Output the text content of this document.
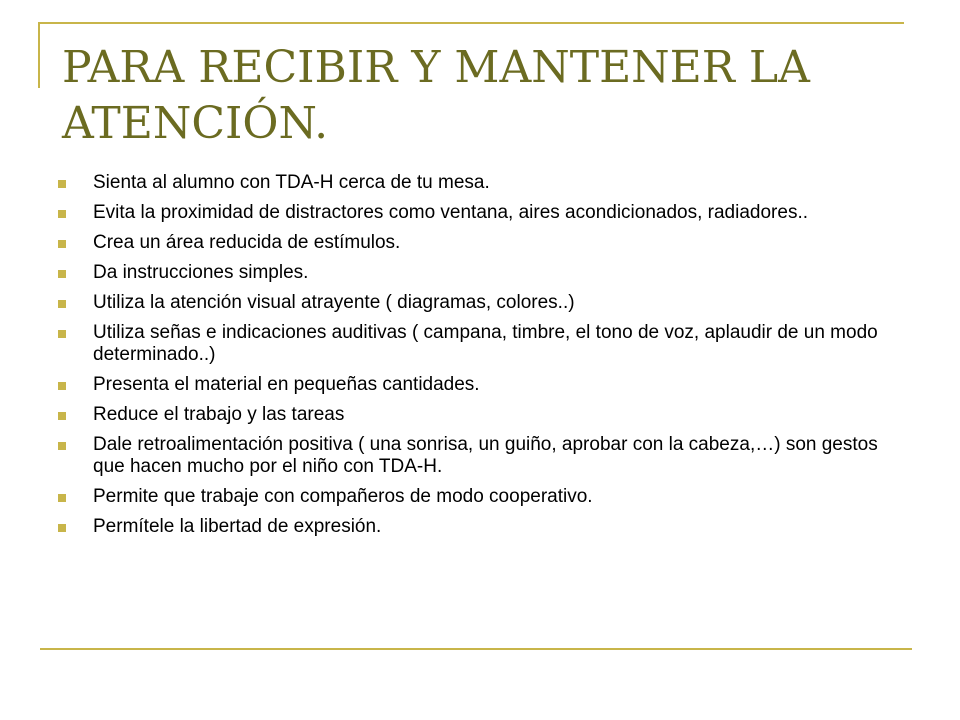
PARA RECIBIR Y MANTENER LA ATENCIÓN.
Sienta al alumno con TDA-H cerca de tu mesa.
Evita la proximidad de distractores como ventana, aires acondicionados, radiadores..
Crea un área reducida de estímulos.
Da instrucciones simples.
Utiliza la atención visual atrayente ( diagramas, colores..)
Utiliza señas e indicaciones auditivas ( campana, timbre, el tono de voz, aplaudir de un modo determinado..)
Presenta el material en pequeñas cantidades.
Reduce el trabajo y las tareas
Dale retroalimentación positiva ( una sonrisa, un guiño, aprobar con la cabeza,…) son gestos que hacen mucho por el niño con TDA-H.
Permite que trabaje con compañeros de modo cooperativo.
Permítele la libertad de expresión.
